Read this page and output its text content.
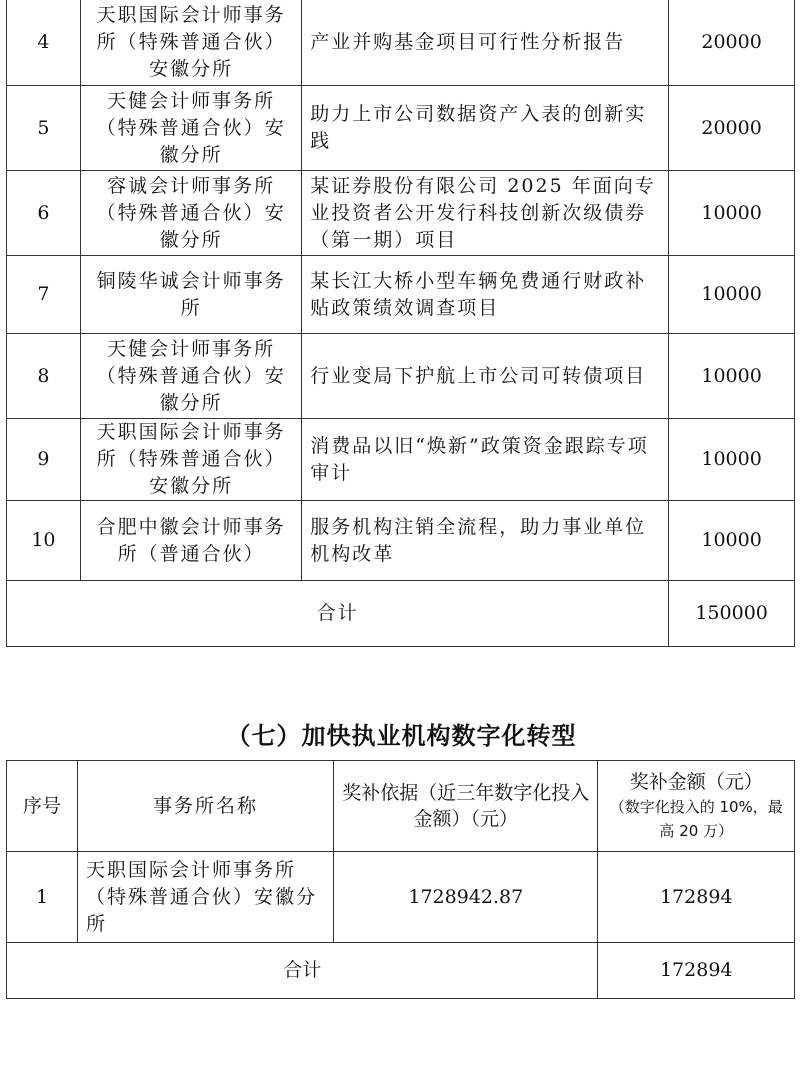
4	天职国际会计师事务所（特殊普通合伙）安徽分所	产业并购基金项目可行性分析报告	20000
5	天健会计师事务所（特殊普通合伙）安徽分所	助力上市公司数据资产入表的创新实践	20000
6	容诚会计师事务所（特殊普通合伙）安徽分所	某证券股份有限公司 2025 年面向专业投资者公开发行科技创新次级债券（第一期）项目	10000
7	铜陵华诚会计师事务所	某长江大桥小型车辆免费通行财政补贴政策绩效调查项目	10000
8	天健会计师事务所（特殊普通合伙）安徽分所	行业变局下护航上市公司可转债项目	10000
9	天职国际会计师事务所（特殊普通合伙）安徽分所	消费品以旧“焕新”政策资金跟踪专项审计	10000
10	合肥中徽会计师事务所（普通合伙）	服务机构注销全流程，助力事业单位机构改革	10000
合计			150000
（七）加快执业机构数字化转型
序号	事务所名称	奖补依据（近三年数字化投入金额）（元）	奖补金额（元）
（数字化投入的 10%，最高 20 万）

1	天职国际会计师事务所（特殊普通合伙）安徽分所	1728942.87	172894
合计			172894
